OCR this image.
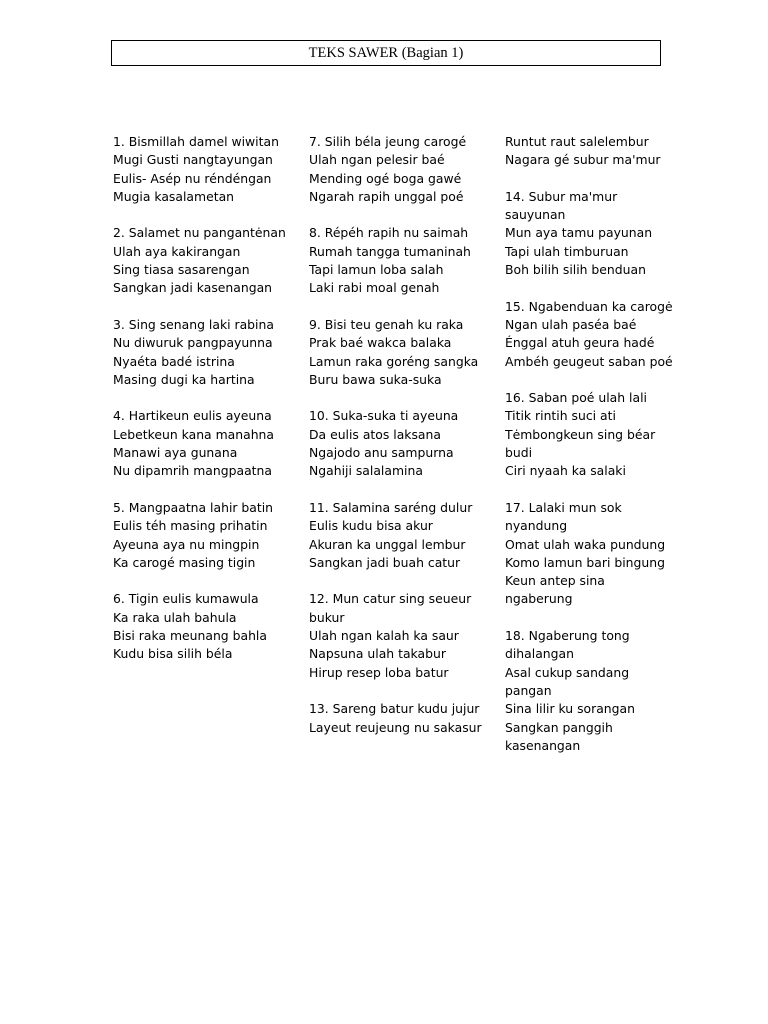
TEKS SAWER (Bagian 1)
1. Bismillah damel wiwitan
Mugi Gusti nangtayungan
Eulis- Asép nu réndéngan
Mugia kasalametan
2. Salamet nu pangantėnan
Ulah aya kakirangan
Sing tiasa sasarengan
Sangkan jadi kasenangan
3. Sing senang laki rabina
Nu diwuruk pangpayunna
Nyaéta badé istrina
Masing dugi ka hartina
4. Hartikeun eulis ayeuna
Lebetkeun kana manahna
Manawi aya gunana
Nu dipamrih mangpaatna
5. Mangpaatna lahir batin
Eulis téh masing prihatin
Ayeuna aya nu mingpin
Ka carogé masing tigin
6. Tigin eulis kumawula
Ka raka ulah bahula
Bisi raka meunang bahla
Kudu bisa silih béla
7. Silih béla jeung carogé
Ulah ngan pelesir baé
Mending ogé boga gawé
Ngarah rapih unggal poé
8. Répéh rapih nu saimah
Rumah tangga tumaninah
Tapi lamun loba salah
Laki rabi moal genah
9. Bisi teu genah ku raka
Prak baé wakca balaka
Lamun raka goréng sangka
Buru bawa suka-suka
10. Suka-suka ti ayeuna
Da eulis atos laksana
Ngajodo anu sampurna
Ngahiji salalamina
11. Salamina saréng dulur
Eulis kudu bisa akur
Akuran ka unggal lembur
Sangkan jadi buah catur
12. Mun catur sing seueur bukur
Ulah ngan kalah ka saur
Napsuna ulah takabur
Hirup resep loba batur
13. Sareng batur kudu jujur
Layeut reujeung nu sakasur
Runtut raut salelembur
Nagara gé subur ma'mur
14. Subur ma'mur sauyunan
Mun aya tamu payunan
Tapi ulah timburuan
Boh bilih silih benduan
15. Ngabenduan ka carogė
Ngan ulah paséa baé
Énggal atuh geura hadé
Ambéh geugeut saban poé
16. Saban poé ulah lali
Titik rintih suci ati
Tėmbongkeun sing béar budi
Ciri nyaah ka salaki
17. Lalaki mun sok nyandung
Omat ulah waka pundung
Komo lamun bari bingung
Keun antep sina ngaberung
18. Ngaberung tong dihalangan
Asal cukup sandang pangan
Sina lilir ku sorangan
Sangkan panggih kasenangan
